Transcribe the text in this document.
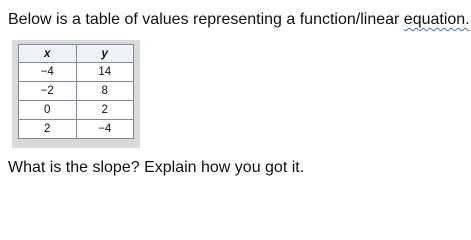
Below is a table of values representing a function/linear equation.
x	y
−4	14
−2	8
0	2
2	−4
What is the slope? Explain how you got it.
